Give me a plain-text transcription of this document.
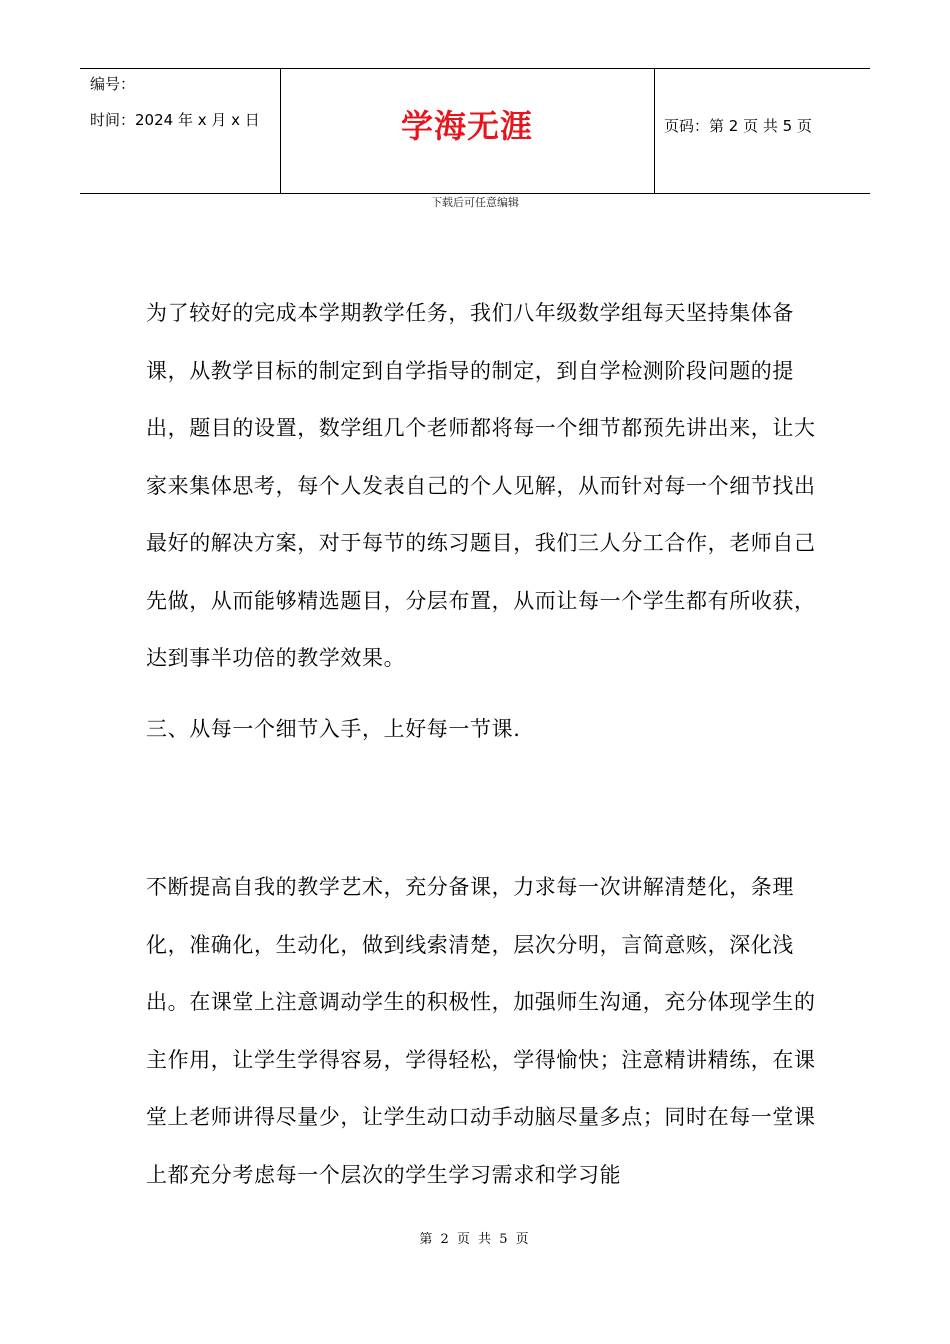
编号：
时间：2024 年 x 月 x 日	学海无涯	页码：第 2 页 共 5 页
下载后可任意编辑

为了较好的完成本学期教学任务，我们八年级数学组每天坚持集体备课，从教学目标的制定到自学指导的制定，到自学检测阶段问题的提出，题目的设置，数学组几个老师都将每一个细节都预先讲出来，让大家来集体思考，每个人发表自己的个人见解，从而针对每一个细节找出最好的解决方案，对于每节的练习题目，我们三人分工合作，老师自己先做，从而能够精选题目，分层布置，从而让每一个学生都有所收获，达到事半功倍的教学效果。

三、从每一个细节入手，上好每一节课.

不断提高自我的教学艺术，充分备课，力求每一次讲解清楚化，条理化，准确化，生动化，做到线索清楚，层次分明，言简意赅，深化浅出。在课堂上注意调动学生的积极性，加强师生沟通，充分体现学生的主作用，让学生学得容易，学得轻松，学得愉快；注意精讲精练，在课堂上老师讲得尽量少，让学生动口动手动脑尽量多点；同时在每一堂课上都充分考虑每一个层次的学生学习需求和学习能

第 2 页 共 5 页
